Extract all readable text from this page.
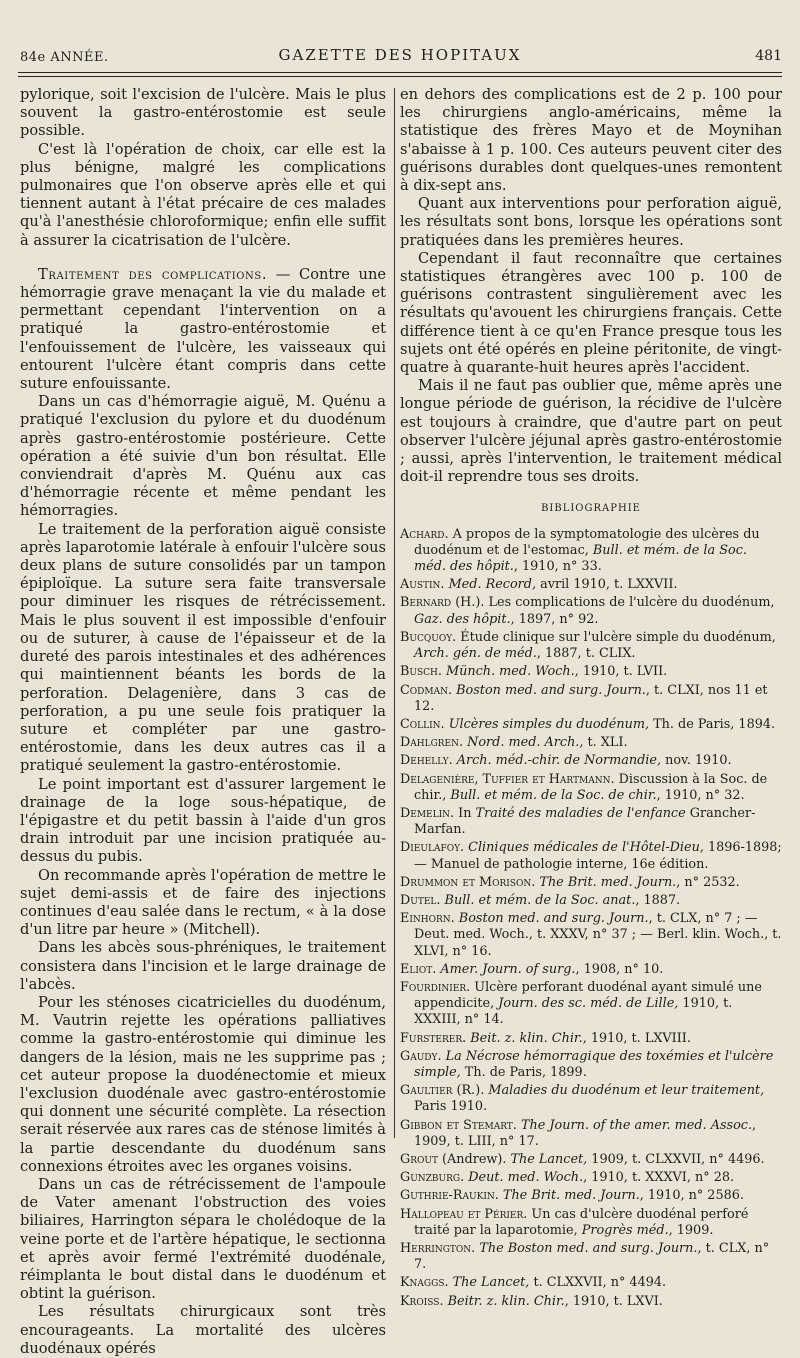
84e ANNÉE.	GAZETTE DES HOPITAUX	481

pylorique, soit l'excision de l'ulcère. Mais le plus souvent la gastro-entérostomie est seule possible.

C'est là l'opération de choix, car elle est la plus bénigne, malgré les complications pulmonaires que l'on observe après elle et qui tiennent autant à l'état précaire de ces malades qu'à l'anesthésie chloroformique; enfin elle suffit à assurer la cicatrisation de l'ulcère.

Traitement des complications. — Contre une hémorragie grave menaçant la vie du malade et permettant cependant l'intervention on a pratiqué la gastro-entérostomie et l'enfouissement de l'ulcère, les vaisseaux qui entourent l'ulcère étant compris dans cette suture enfouissante.

Dans un cas d'hémorragie aiguë, M. Quénu a pratiqué l'exclusion du pylore et du duodénum après gastro-entérostomie postérieure. Cette opération a été suivie d'un bon résultat. Elle conviendrait d'après M. Quénu aux cas d'hémorragie récente et même pendant les hémorragies.

Le traitement de la perforation aiguë consiste après laparotomie latérale à enfouir l'ulcère sous deux plans de suture consolidés par un tampon épiploïque. La suture sera faite transversale pour diminuer les risques de rétrécissement. Mais le plus souvent il est impossible d'enfouir ou de suturer, à cause de l'épaisseur et de la dureté des parois intestinales et des adhérences qui maintiennent béants les bords de la perforation. Delagenière, dans 3 cas de perforation, a pu une seule fois pratiquer la suture et compléter par une gastro-entérostomie, dans les deux autres cas il a pratiqué seulement la gastro-entérostomie.

Le point important est d'assurer largement le drainage de la loge sous-hépatique, de l'épigastre et du petit bassin à l'aide d'un gros drain introduit par une incision pratiquée au-dessus du pubis.

On recommande après l'opération de mettre le sujet demi-assis et de faire des injections continues d'eau salée dans le rectum, « à la dose d'un litre par heure » (Mitchell).

Dans les abcès sous-phréniques, le traitement consistera dans l'incision et le large drainage de l'abcès.

Pour les sténoses cicatricielles du duodénum, M. Vautrin rejette les opérations palliatives comme la gastro-entérostomie qui diminue les dangers de la lésion, mais ne les supprime pas ; cet auteur propose la duodénectomie et mieux l'exclusion duodénale avec gastro-entérostomie qui donnent une sécurité complète. La résection serait réservée aux rares cas de sténose limités à la partie descendante du duodénum sans connexions étroites avec les organes voisins.

Dans un cas de rétrécissement de l'ampoule de Vater amenant l'obstruction des voies biliaires, Harrington sépara le cholédoque de la veine porte et de l'artère hépatique, le sectionna et après avoir fermé l'extrémité duodénale, réimplanta le bout distal dans le duodénum et obtint la guérison.

Les résultats chirurgicaux sont très encourageants. La mortalité des ulcères duodénaux opérés

en dehors des complications est de 2 p. 100 pour les chirurgiens anglo-américains, même la statistique des frères Mayo et de Moynihan s'abaisse à 1 p. 100. Ces auteurs peuvent citer des guérisons durables dont quelques-unes remontent à dix-sept ans.

Quant aux interventions pour perforation aiguë, les résultats sont bons, lorsque les opérations sont pratiquées dans les premières heures.

Cependant il faut reconnaître que certaines statistiques étrangères avec 100 p. 100 de guérisons contrastent singulièrement avec les résultats qu'avouent les chirurgiens français. Cette différence tient à ce qu'en France presque tous les sujets ont été opérés en pleine péritonite, de vingt-quatre à quarante-huit heures après l'accident.

Mais il ne faut pas oublier que, même après une longue période de guérison, la récidive de l'ulcère est toujours à craindre, que d'autre part on peut observer l'ulcère jéjunal après gastro-entérostomie ; aussi, après l'intervention, le traitement médical doit-il reprendre tous ses droits.

BIBLIOGRAPHIE
Achard. A propos de la symptomatologie des ulcères du duodénum et de l'estomac, Bull. et mém. de la Soc. méd. des hôpit., 1910, n° 33.
Austin. Med. Record, avril 1910, t. LXXVII.
Bernard (H.). Les complications de l'ulcère du duodénum, Gaz. des hôpit., 1897, n° 92.
Bucquoy. Étude clinique sur l'ulcère simple du duodénum, Arch. gén. de méd., 1887, t. CLIX.
Busch. Münch. med. Woch., 1910, t. LVII.
Codman. Boston med. and surg. Journ., t. CLXI, nos 11 et 12.
Collin. Ulcères simples du duodénum, Th. de Paris, 1894.
Dahlgren. Nord. med. Arch., t. XLI.
Dehelly. Arch. méd.-chir. de Normandie, nov. 1910.
Delagenière, Tuffier et Hartmann. Discussion à la Soc. de chir., Bull. et mém. de la Soc. de chir., 1910, n° 32.
Demelin. In Traité des maladies de l'enfance Grancher-Marfan.
Dieulafoy. Cliniques médicales de l'Hôtel-Dieu, 1896-1898; — Manuel de pathologie interne, 16e édition.
Drummon et Morison. The Brit. med. Journ., n° 2532.
Dutel. Bull. et mém. de la Soc. anat., 1887.
Einhorn. Boston med. and surg. Journ., t. CLX, n° 7 ; — Deut. med. Woch., t. XXXV, n° 37 ; — Berl. klin. Woch., t. XLVI, n° 16.
Eliot. Amer. Journ. of surg., 1908, n° 10.
Fourdinier. Ulcère perforant duodénal ayant simulé une appendicite, Journ. des sc. méd. de Lille, 1910, t. XXXIII, n° 14.
Fursterer. Beit. z. klin. Chir., 1910, t. LXVIII.
Gaudy. La Nécrose hémorragique des toxémies et l'ulcère simple, Th. de Paris, 1899.
Gaultier (R.). Maladies du duodénum et leur traitement, Paris 1910.
Gibbon et Stemart. The Journ. of the amer. med. Assoc., 1909, t. LIII, n° 17.
Grout (Andrew). The Lancet, 1909, t. CLXXVII, n° 4496.
Gunzburg. Deut. med. Woch., 1910, t. XXXVI, n° 28.
Guthrie-Raukin. The Brit. med. Journ., 1910, n° 2586.
Hallopeau et Périer. Un cas d'ulcère duodénal perforé traité par la laparotomie, Progrès méd., 1909.
Herrington. The Boston med. and surg. Journ., t. CLX, n° 7.
Knaggs. The Lancet, t. CLXXVII, n° 4494.
Kroiss. Beitr. z. klin. Chir., 1910, t. LXVI.
